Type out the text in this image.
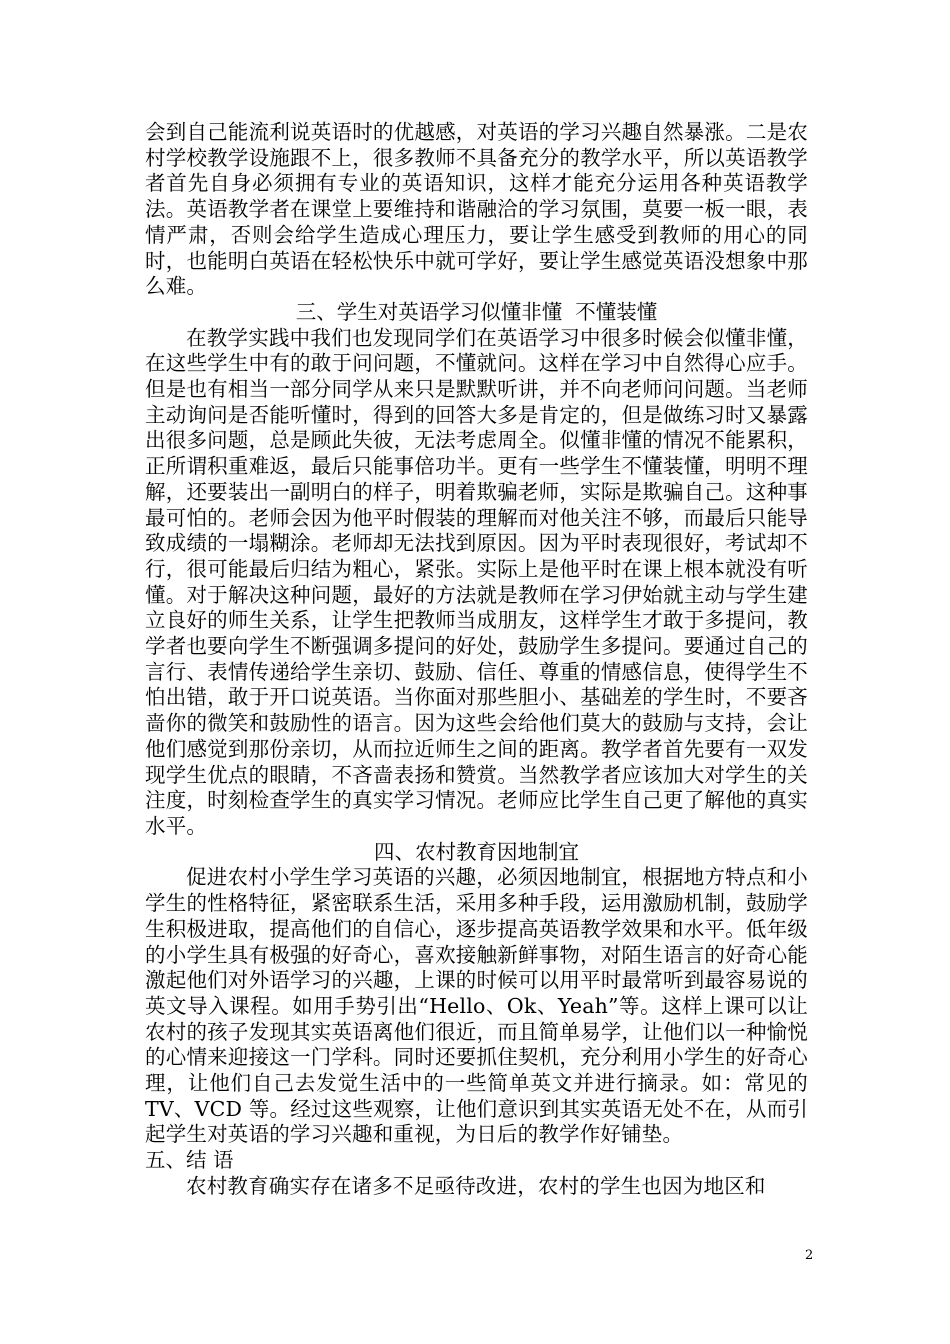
会到自己能流利说英语时的优越感，对英语的学习兴趣自然暴涨。二是农村学校教学设施跟不上，很多教师不具备充分的教学水平，所以英语教学者首先自身必须拥有专业的英语知识，这样才能充分运用各种英语教学法。英语教学者在课堂上要维持和谐融洽的学习氛围，莫要一板一眼，表情严肃，否则会给学生造成心理压力，要让学生感受到教师的用心的同时，也能明白英语在轻松快乐中就可学好，要让学生感觉英语没想象中那么难。

三、学生对英语学习似懂非懂  不懂装懂

在教学实践中我们也发现同学们在英语学习中很多时候会似懂非懂，在这些学生中有的敢于问问题，不懂就问。这样在学习中自然得心应手。但是也有相当一部分同学从来只是默默听讲，并不向老师问问题。当老师主动询问是否能听懂时，得到的回答大多是肯定的，但是做练习时又暴露出很多问题，总是顾此失彼，无法考虑周全。似懂非懂的情况不能累积，正所谓积重难返，最后只能事倍功半。更有一些学生不懂装懂，明明不理解，还要装出一副明白的样子，明着欺骗老师，实际是欺骗自己。这种事最可怕的。老师会因为他平时假装的理解而对他关注不够，而最后只能导致成绩的一塌糊涂。老师却无法找到原因。因为平时表现很好，考试却不行，很可能最后归结为粗心，紧张。实际上是他平时在课上根本就没有听懂。对于解决这种问题，最好的方法就是教师在学习伊始就主动与学生建立良好的师生关系，让学生把教师当成朋友，这样学生才敢于多提问，教学者也要向学生不断强调多提问的好处，鼓励学生多提问。要通过自己的言行、表情传递给学生亲切、鼓励、信任、尊重的情感信息，使得学生不怕出错，敢于开口说英语。当你面对那些胆小、基础差的学生时，不要吝啬你的微笑和鼓励性的语言。因为这些会给他们莫大的鼓励与支持，会让他们感觉到那份亲切，从而拉近师生之间的距离。教学者首先要有一双发现学生优点的眼睛，不吝啬表扬和赞赏。当然教学者应该加大对学生的关注度，时刻检查学生的真实学习情况。老师应比学生自己更了解他的真实水平。

四、农村教育因地制宜

促进农村小学生学习英语的兴趣，必须因地制宜，根据地方特点和小学生的性格特征，紧密联系生活，采用多种手段，运用激励机制，鼓励学生积极进取，提高他们的自信心，逐步提高英语教学效果和水平。低年级的小学生具有极强的好奇心，喜欢接触新鲜事物，对陌生语言的好奇心能激起他们对外语学习的兴趣，上课的时候可以用平时最常听到最容易说的英文导入课程。如用手势引出“Hello、Ok、Yeah”等。这样上课可以让农村的孩子发现其实英语离他们很近，而且简单易学，让他们以一种愉悦的心情来迎接这一门学科。同时还要抓住契机，充分利用小学生的好奇心理，让他们自己去发觉生活中的一些简单英文并进行摘录。如：常见的TV、VCD 等。经过这些观察，让他们意识到其实英语无处不在，从而引起学生对英语的学习兴趣和重视，为日后的教学作好铺垫。

五、结 语

农村教育确实存在诸多不足亟待改进，农村的学生也因为地区和

2
